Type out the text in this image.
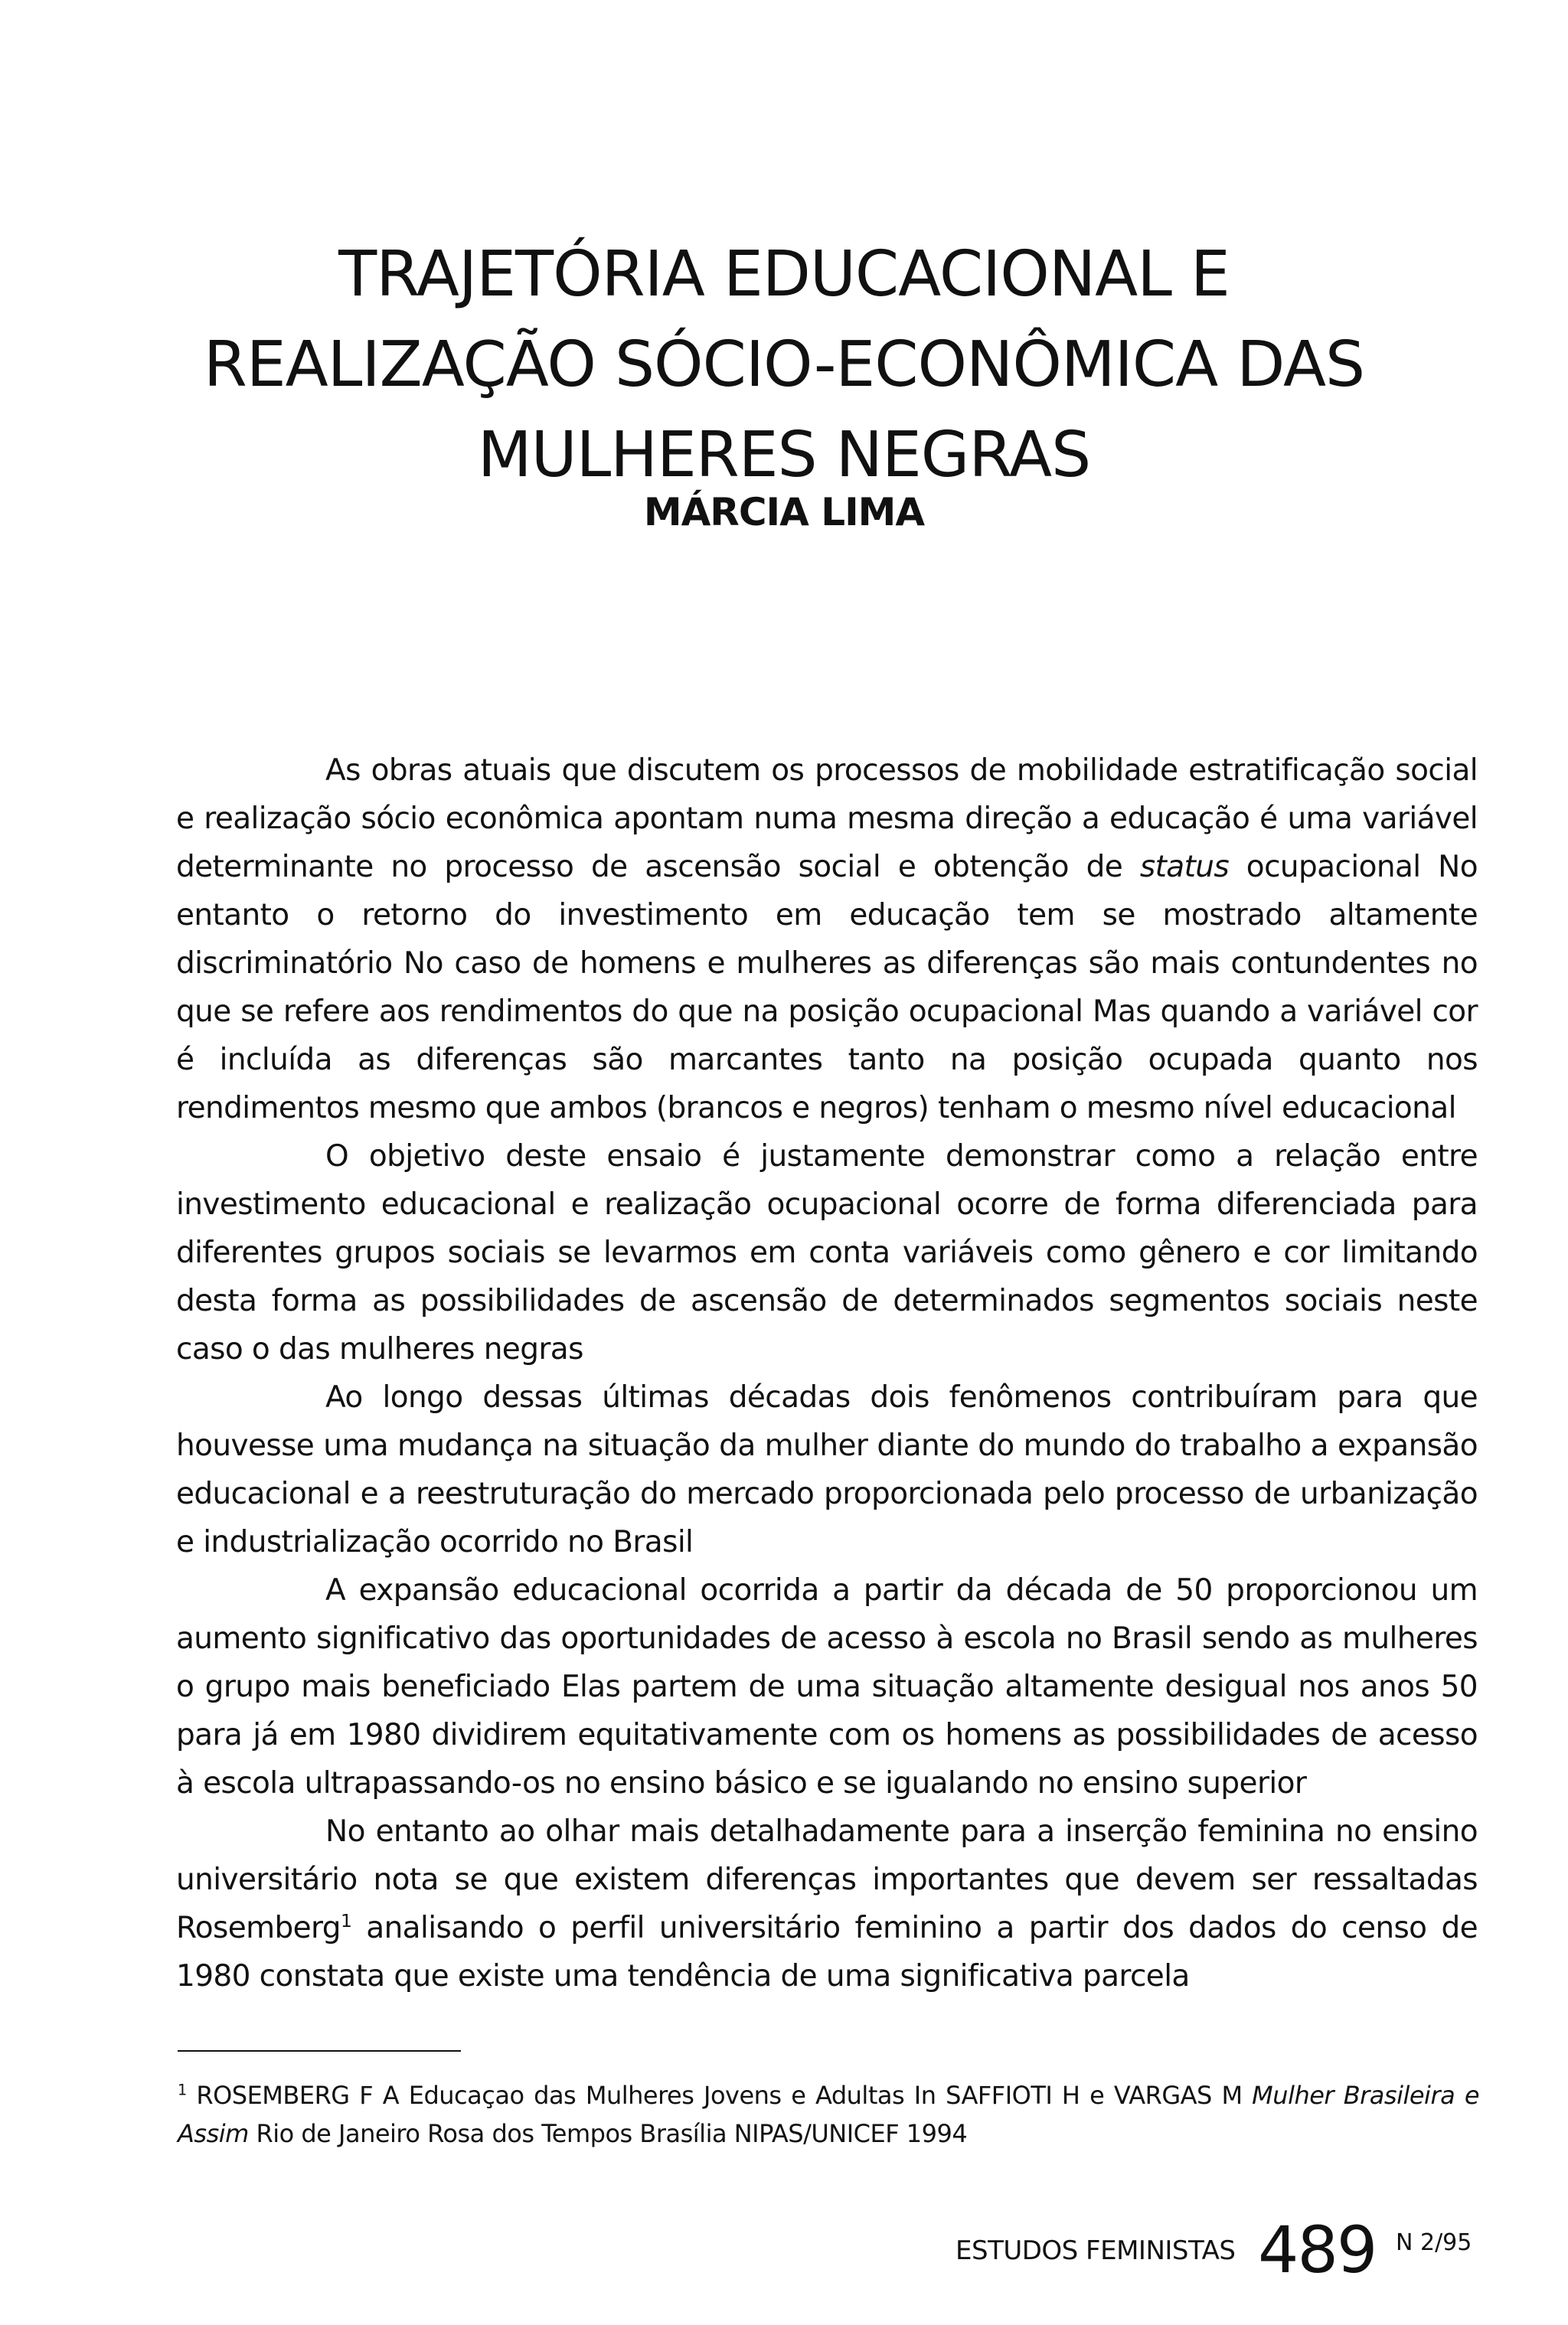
TRAJETÓRIA EDUCACIONAL E
REALIZAÇÃO SÓCIO-ECONÔMICA DAS
MULHERES NEGRAS
MÁRCIA LIMA

As obras atuais que discutem os processos de mobilidade estratificação social e realização sócio econômica apontam numa mesma direção a educação é uma variável determinante no processo de ascensão social e obtenção de status ocupacional No entanto o retorno do investimento em educação tem se mostrado altamente discriminatório No caso de homens e mulheres as diferenças são mais contundentes no que se refere aos rendimentos do que na posição ocupacional Mas quando a variável cor é incluída as diferenças são marcantes tanto na posição ocupada quanto nos rendimentos mesmo que ambos (brancos e negros) tenham o mesmo nível educacional

O objetivo deste ensaio é justamente demonstrar como a relação entre investimento educacional e realização ocupacional ocorre de forma diferenciada para diferentes grupos sociais se levarmos em conta variáveis como gênero e cor limitando desta forma as possibilidades de ascensão de determinados segmentos sociais neste caso o das mulheres negras

Ao longo dessas últimas décadas dois fenômenos contribuíram para que houvesse uma mudança na situação da mulher diante do mundo do trabalho a expansão educacional e a reestruturação do mercado proporcionada pelo processo de urbanização e industrialização ocorrido no Brasil

A expansão educacional ocorrida a partir da década de 50 proporcionou um aumento significativo das oportunidades de acesso à escola no Brasil sendo as mulheres o grupo mais beneficiado Elas partem de uma situação altamente desigual nos anos 50 para já em 1980 dividirem equitativamente com os homens as possibilidades de acesso à escola ultrapassando-os no ensino básico e se igualando no ensino superior

No entanto ao olhar mais detalhadamente para a inserção feminina no ensino universitário nota se que existem diferenças importantes que devem ser ressaltadas Rosemberg$^1$ analisando o perfil universitário feminino a partir dos dados do censo de 1980 constata que existe uma tendência de uma significativa parcela

$^1$ ROSEMBERG F A Educaçao das Mulheres Jovens e Adultas In SAFFIOTI H e VARGAS M Mulher Brasileira e Assim Rio de Janeiro Rosa dos Tempos Brasília NIPAS/UNICEF 1994
ESTUDOS FEMINISTAS 489 N 2/95
